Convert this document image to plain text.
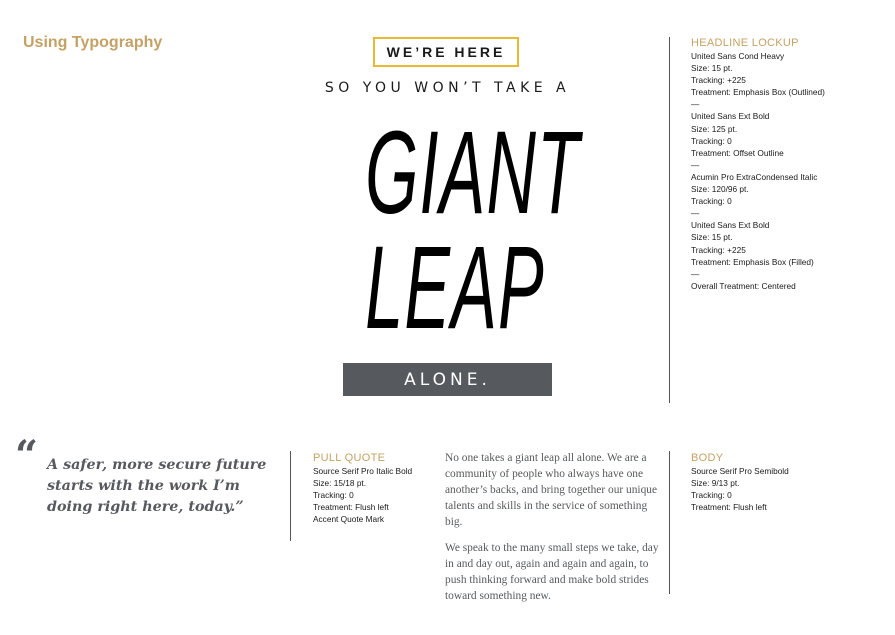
Using Typography
WE’RE HERE
SO YOU WON’T TAKE A
GIANT
LEAP
ALONE.
HEADLINE LOCKUP
United Sans Cond Heavy
Size: 15 pt.
Tracking: +225
Treatment: Emphasis Box (Outlined)
—
United Sans Ext Bold
Size: 125 pt.
Tracking: 0
Treatment: Offset Outline
—
Acumin Pro ExtraCondensed Italic
Size: 120/96 pt.
Tracking: 0
—
United Sans Ext Bold
Size: 15 pt.
Tracking: +225
Treatment: Emphasis Box (Filled)
—
Overall Treatment: Centered
“ A safer, more secure future starts with the work I’m doing right here, today.”
PULL QUOTE
Source Serif Pro Italic Bold
Size: 15/18 pt.
Tracking: 0
Treatment: Flush left
Accent Quote Mark

No one takes a giant leap all alone. We are a community of people who always have one another’s backs, and bring together our unique talents and skills in the service of something big.

We speak to the many small steps we take, day in and day out, again and again and again, to push thinking forward and make bold strides toward something new.

BODY
Source Serif Pro Semibold
Size: 9/13 pt.
Tracking: 0
Treatment: Flush left
